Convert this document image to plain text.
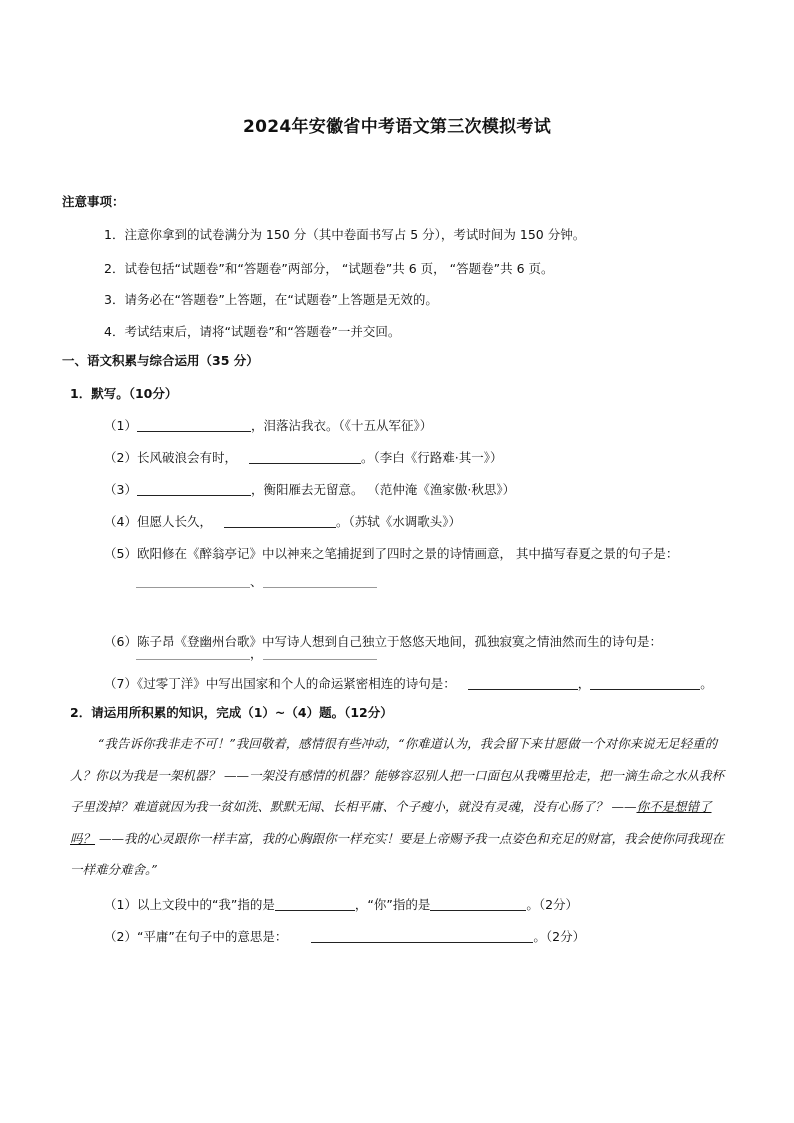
2024年安徽省中考语文第三次模拟考试
注意事项：
1．注意你拿到的试卷满分为 150 分（其中卷面书写占 5 分），考试时间为 150 分钟。
2．试卷包括“试题卷”和“答题卷”两部分， “试题卷”共 6 页， “答题卷”共 6 页。
3．请务必在“答题卷”上答题，在“试题卷”上答题是无效的。
4．考试结束后，请将“试题卷”和“答题卷”一并交回。
一、语文积累与综合运用（35 分）
1．默写。（10分）
（1）	，泪落沾我衣。（《十五从军征》）
（2）长风破浪会有时，	。（李白《行路难·其一》）
（3）	，衡阳雁去无留意。 （范仲淹《渔家傲·秋思》）
（4）但愿人长久，	。（苏轼《水调歌头》）
（5）欧阳修在《醉翁亭记》中以神来之笔捕捉到了四时之景的诗情画意， 其中描写春夏之景的句子是：
、
（6）陈子昂《登幽州台歌》中写诗人想到自己独立于悠悠天地间，孤独寂寞之情油然而生的诗句是：
，
（7）《过零丁洋》中写出国家和个人的命运紧密相连的诗句是：	，	。
2．请运用所积累的知识，完成（1）~（4）题。（12分）
“我告诉你我非走不可！”我回敬着，感情很有些冲动，“你难道认为，我会留下来甘愿做一个对你来说无足轻重的人？你以为我是一架机器？ ——一架没有感情的机器？能够容忍别人把一口面包从我嘴里抢走，把一滴生命之水从我杯子里泼掉？难道就因为我一贫如洗、默默无闻、长相平庸、个子瘦小，就没有灵魂，没有心肠了？ ——你不是想错了吗？ ——我的心灵跟你一样丰富，我的心胸跟你一样充实！要是上帝赐予我一点姿色和充足的财富，我会使你同我现在一样难分难舍。”
（1）以上文段中的“我”指的是	，“你”指的是	。（2分）
（2）“平庸”在句子中的意思是：	。（2分）
